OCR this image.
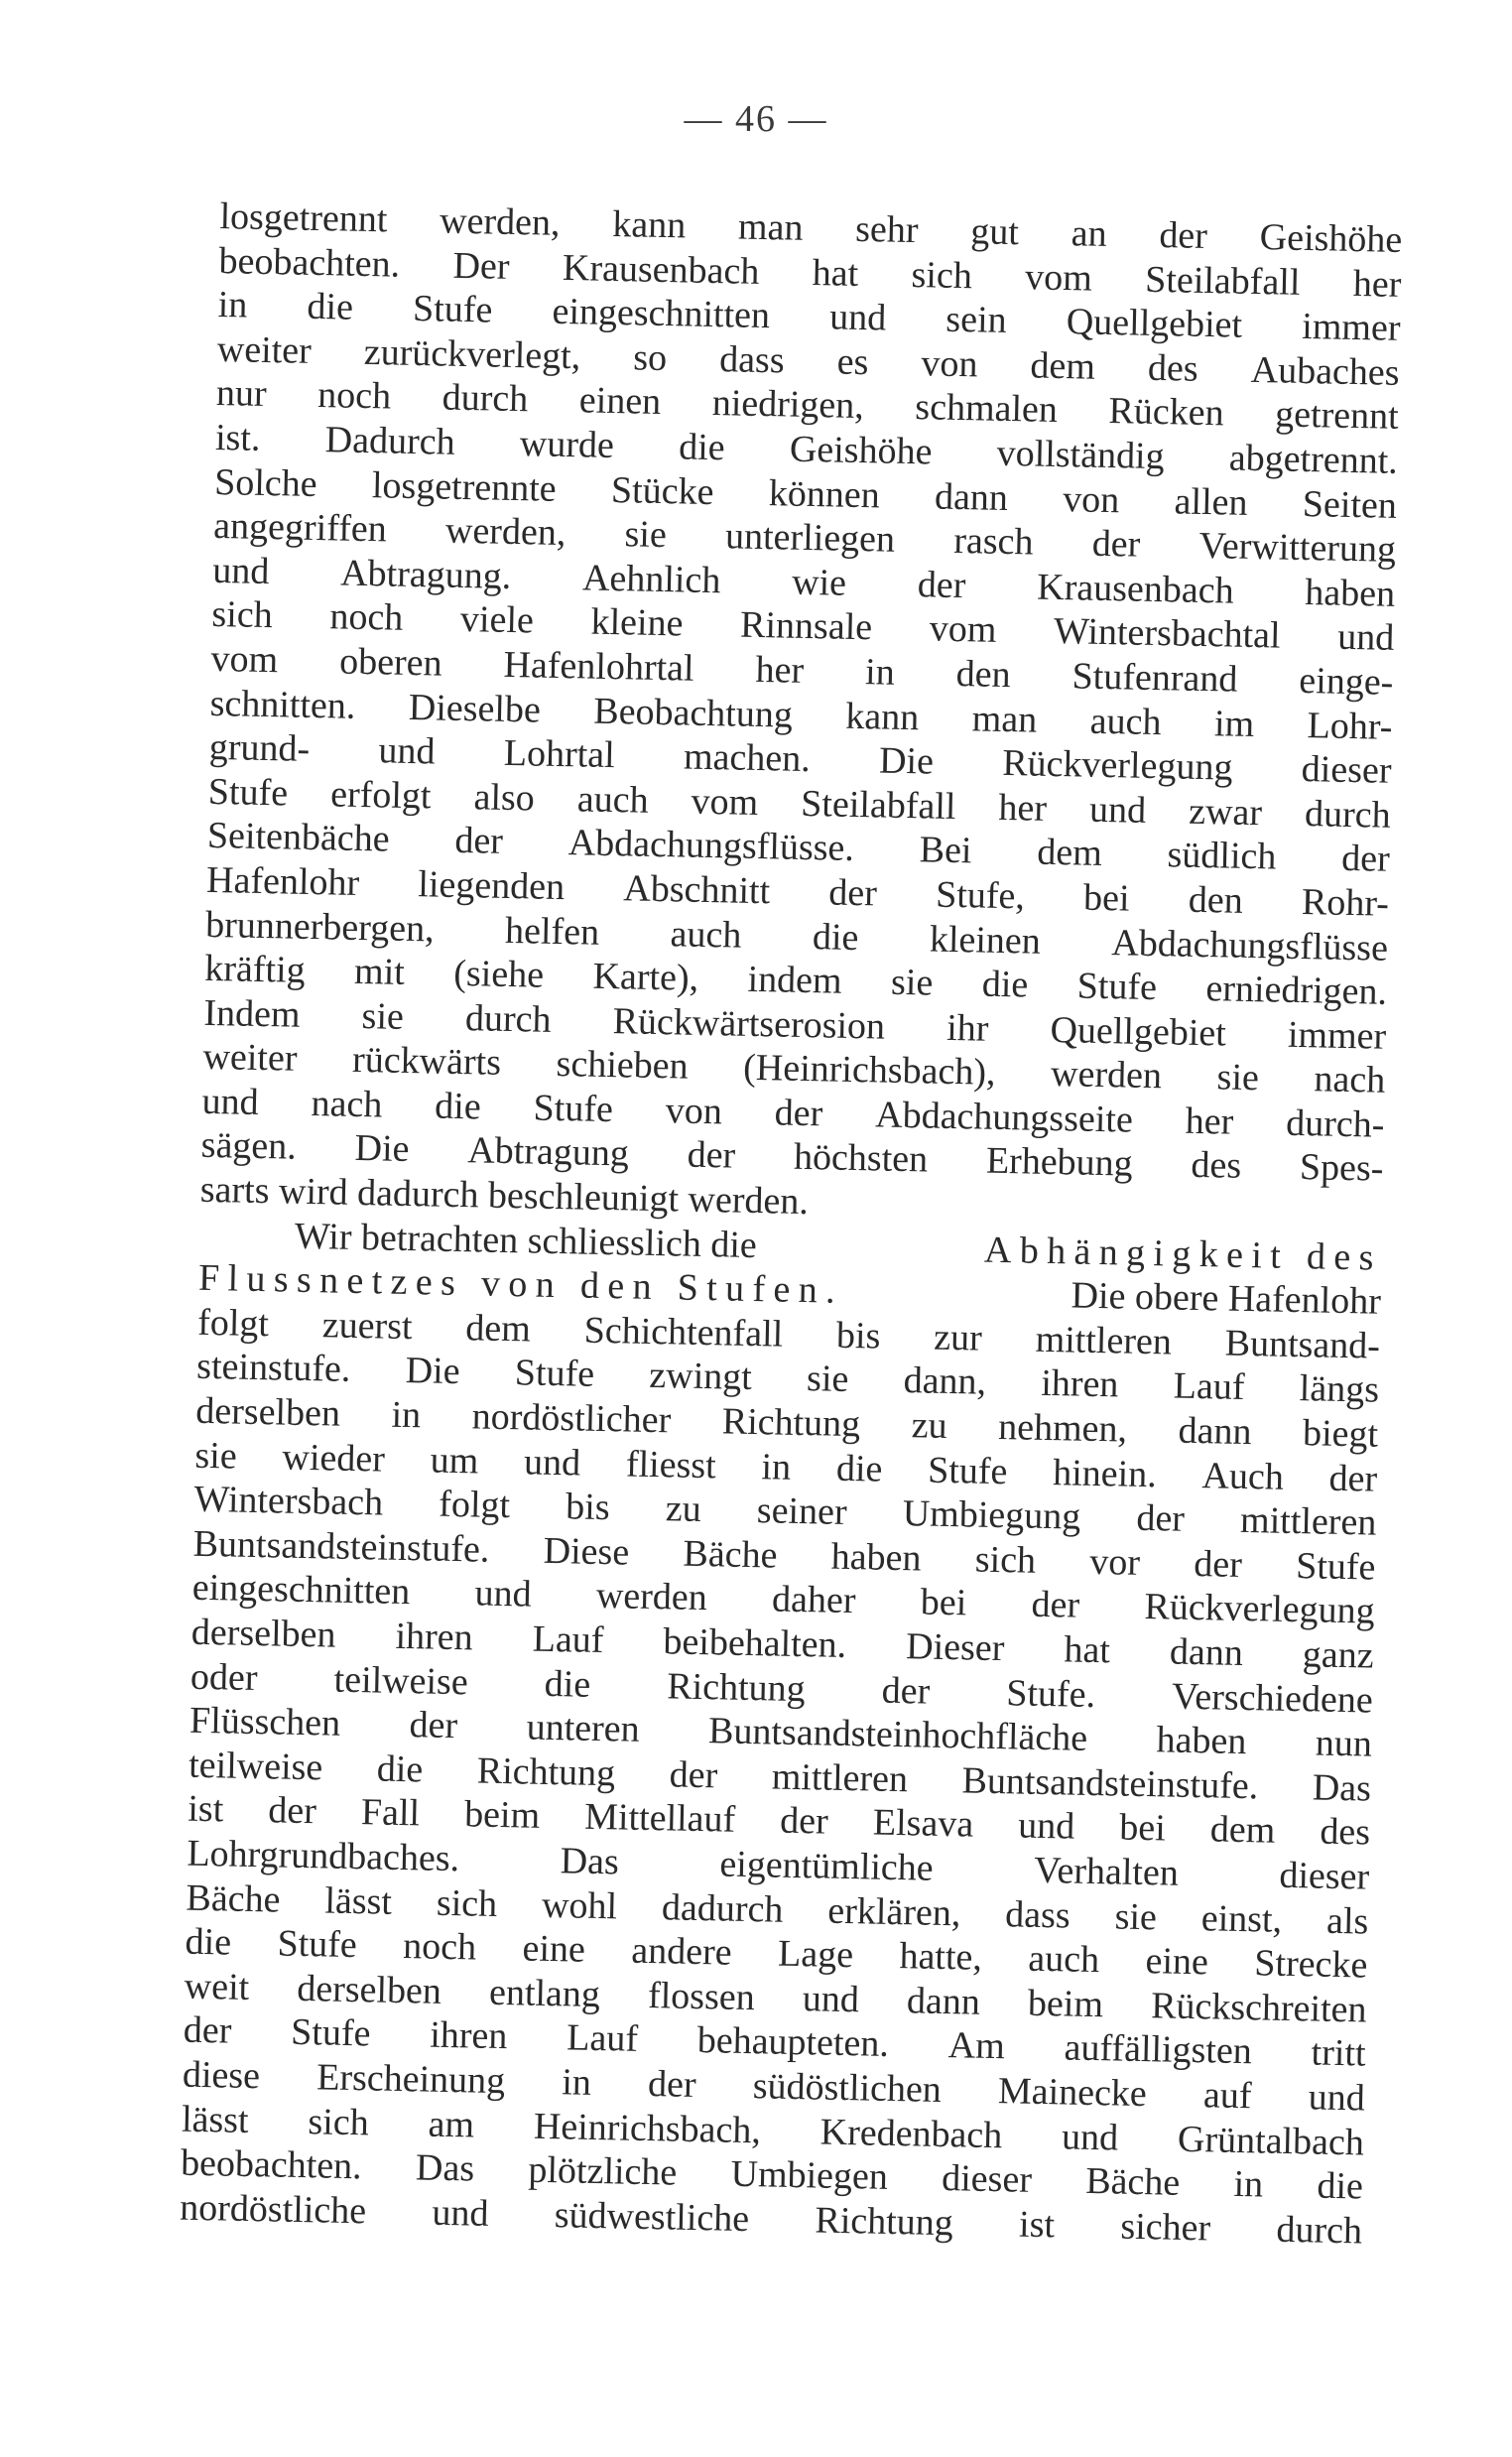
— 46 —
losgetrennt werden, kann man sehr gut an der Geishöhe
beobachten. Der Krausenbach hat sich vom Steilabfall her
in die Stufe eingeschnitten und sein Quellgebiet immer
weiter zurückverlegt, so dass es von dem des Aubaches
nur noch durch einen niedrigen, schmalen Rücken getrennt
ist. Dadurch wurde die Geishöhe vollständig abgetrennt.
Solche losgetrennte Stücke können dann von allen Seiten
angegriffen werden, sie unterliegen rasch der Verwitterung
und Abtragung. Aehnlich wie der Krausenbach haben
sich noch viele kleine Rinnsale vom Wintersbachtal und
vom oberen Hafenlohrtal her in den Stufenrand einge-
schnitten. Dieselbe Beobachtung kann man auch im Lohr-
grund- und Lohrtal machen. Die Rückverlegung dieser
Stufe erfolgt also auch vom Steilabfall her und zwar durch
Seitenbäche der Abdachungsflüsse. Bei dem südlich der
Hafenlohr liegenden Abschnitt der Stufe, bei den Rohr-
brunnerbergen, helfen auch die kleinen Abdachungsflüsse
kräftig mit (siehe Karte), indem sie die Stufe erniedrigen.
Indem sie durch Rückwärtserosion ihr Quellgebiet immer
weiter rückwärts schieben (Heinrichsbach), werden sie nach
und nach die Stufe von der Abdachungsseite her durch-
sägen. Die Abtragung der höchsten Erhebung des Spes-
sarts wird dadurch beschleunigt werden.
Wir betrachten schliesslich die	Abhängigkeit des
Flussnetzes von den Stufen.	Die obere Hafenlohr
folgt zuerst dem Schichtenfall bis zur mittleren Buntsand-
steinstufe. Die Stufe zwingt sie dann, ihren Lauf längs
derselben in nordöstlicher Richtung zu nehmen, dann biegt
sie wieder um und fliesst in die Stufe hinein. Auch der
Wintersbach folgt bis zu seiner Umbiegung der mittleren
Buntsandsteinstufe. Diese Bäche haben sich vor der Stufe
eingeschnitten und werden daher bei der Rückverlegung
derselben ihren Lauf beibehalten. Dieser hat dann ganz
oder teilweise die Richtung der Stufe. Verschiedene
Flüsschen der unteren Buntsandsteinhochfläche haben nun
teilweise die Richtung der mittleren Buntsandsteinstufe. Das
ist der Fall beim Mittellauf der Elsava und bei dem des
Lohrgrundbaches.	Das	eigentümliche	Verhalten	dieser
Bäche lässt sich wohl dadurch erklären, dass sie einst, als
die Stufe noch eine andere Lage hatte, auch eine Strecke
weit derselben entlang flossen und dann beim Rückschreiten
der Stufe ihren Lauf behaupteten. Am auffälligsten tritt
diese Erscheinung in der südöstlichen Mainecke auf und
lässt sich am Heinrichsbach, Kredenbach und Grüntalbach
beobachten. Das plötzliche Umbiegen dieser Bäche in die
nordöstliche und südwestliche Richtung ist sicher durch
